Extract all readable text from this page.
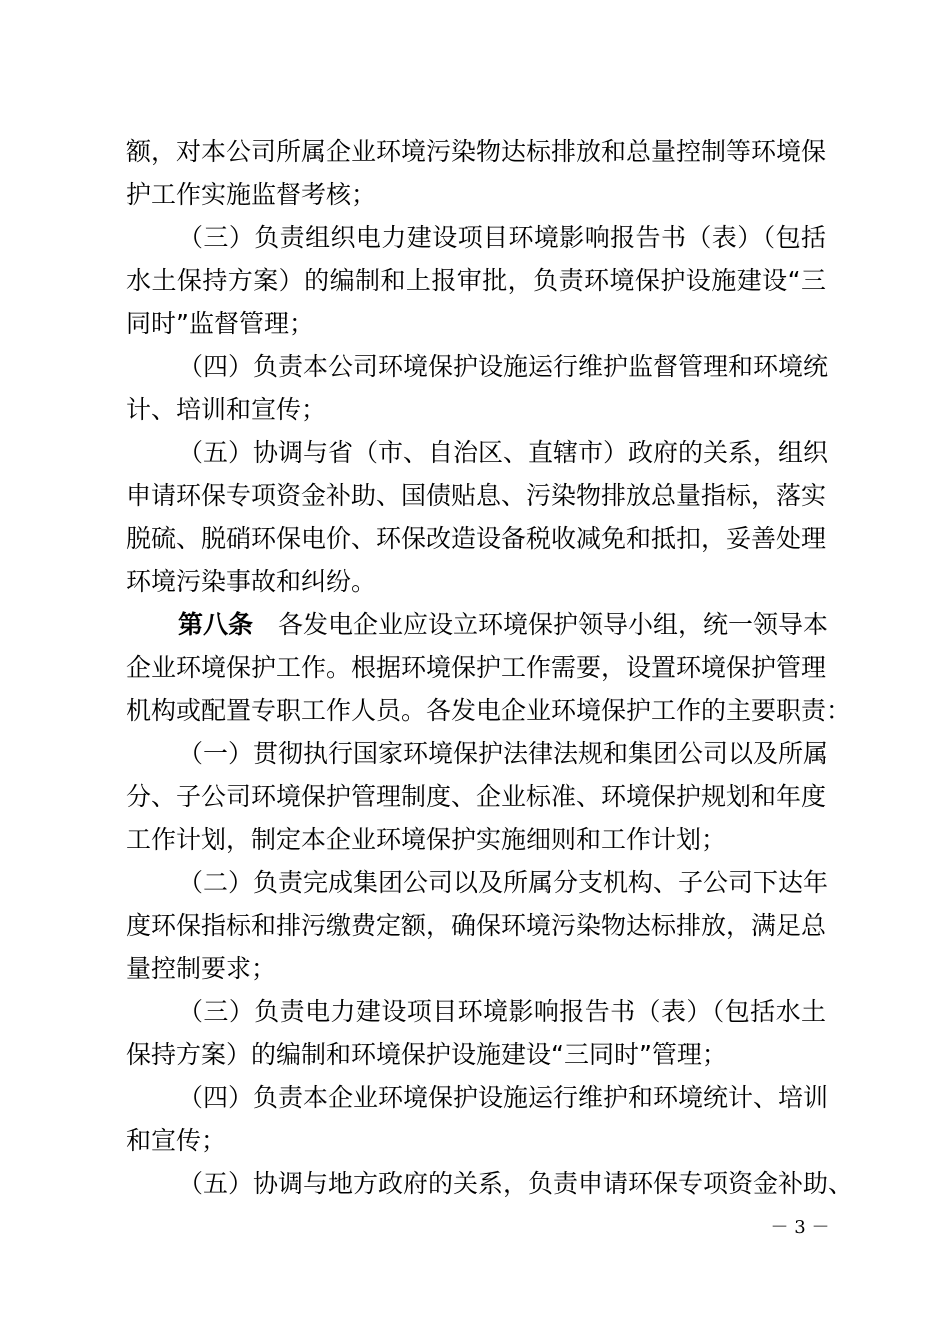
额，对本公司所属企业环境污染物达标排放和总量控制等环境保
护工作实施监督考核；
（三）负责组织电力建设项目环境影响报告书（表）（包括
水土保持方案）的编制和上报审批，负责环境保护设施建设“三
同时”监督管理；
（四）负责本公司环境保护设施运行维护监督管理和环境统
计、培训和宣传；
（五）协调与省（市、自治区、直辖市）政府的关系，组织
申请环保专项资金补助、国债贴息、污染物排放总量指标，落实
脱硫、脱硝环保电价、环保改造设备税收减免和抵扣，妥善处理
环境污染事故和纠纷。
第八条　 各发电企业应设立环境保护领导小组，统一领导本
企业环境保护工作。根据环境保护工作需要，设置环境保护管理
机构或配置专职工作人员。各发电企业环境保护工作的主要职责：
（一）贯彻执行国家环境保护法律法规和集团公司以及所属
分、子公司环境保护管理制度、企业标准、环境保护规划和年度
工作计划，制定本企业环境保护实施细则和工作计划；
（二）负责完成集团公司以及所属分支机构、子公司下达年
度环保指标和排污缴费定额，确保环境污染物达标排放，满足总
量控制要求；
（三）负责电力建设项目环境影响报告书（表）（包括水土
保持方案）的编制和环境保护设施建设“三同时”管理；
（四）负责本企业环境保护设施运行维护和环境统计、培训
和宣传；
（五）协调与地方政府的关系，负责申请环保专项资金补助、
－ 3 －
